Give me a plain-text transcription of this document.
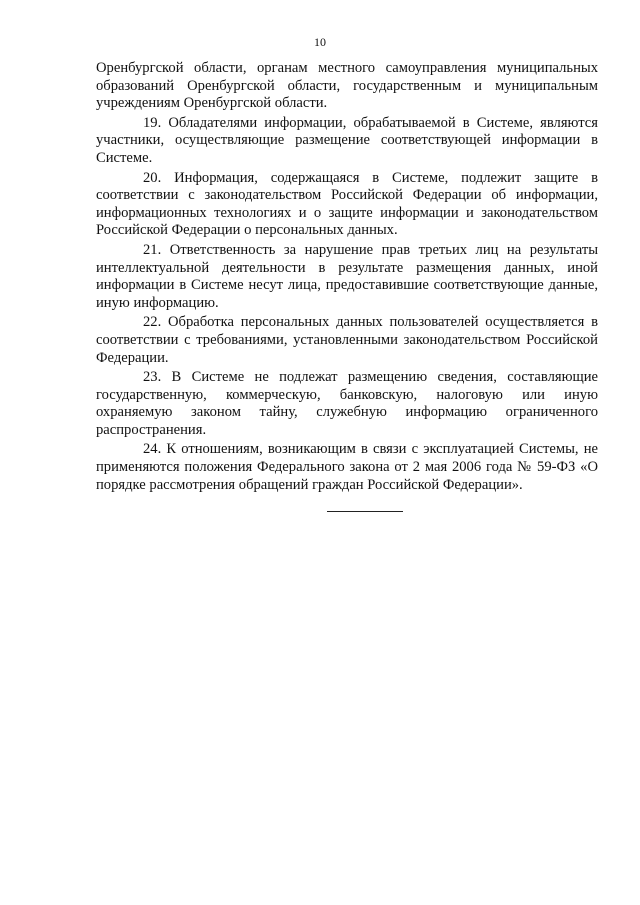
10

Оренбургской области, органам местного самоуправления муниципальных образований Оренбургской области, государственным и муниципальным учреждениям Оренбургской области.

19. Обладателями информации, обрабатываемой в Системе, являются участники, осуществляющие размещение соответствующей информации в Системе.

20. Информация, содержащаяся в Системе, подлежит защите в соответствии с законодательством Российской Федерации об информации, информационных технологиях и о защите информации и законодательством Российской Федерации о персональных данных.

21. Ответственность за нарушение прав третьих лиц на результаты интеллектуальной деятельности в результате размещения данных, иной информации в Системе несут лица, предоставившие соответствующие данные, иную информацию.

22. Обработка персональных данных пользователей осуществляется в соответствии с требованиями, установленными законодательством Российской Федерации.

23. В Системе не подлежат размещению сведения, составляющие государственную, коммерческую, банковскую, налоговую или иную охраняемую законом тайну, служебную информацию ограниченного распространения.

24. К отношениям, возникающим в связи с эксплуатацией Системы, не применяются положения Федерального закона от 2 мая 2006 года № 59-ФЗ «О порядке рассмотрения обращений граждан Российской Федерации».
